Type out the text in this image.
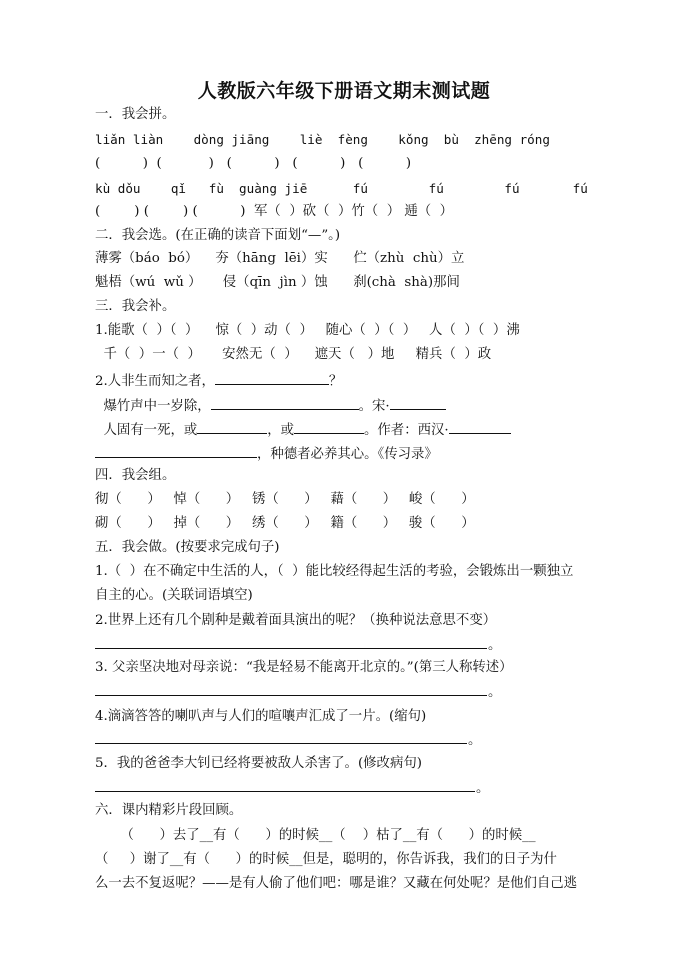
人教版六年级下册语文期末测试题
一．我会拼。
liǎn liàn    dòng jiāng    liè  fèng    kǒng  bù  zhēng róng
(          )  (           )   (          )   (          )   (          )
kù dǒu    qǐ   fù  guàng jiē      fú        fú        fú       fú
(        ) (        ) (          )  军（  ）砍（  ）竹（  ） 逓（  ）
二．我会选。(在正确的读音下面划“—”。)
薄雾（báo  bó）    夯（hāng  lēi）实      伫（zhù  chù）立
魁梧（wú  wǔ ）     侵（qīn  jìn ）蚀      刹(chà  shà)那间
三．我会补。
1.能歌（  ）（  ）    惊（  ）动（  ）   随心（  ）（  ）   人（  ）（  ）沸
千（  ）一（  ）     安然无（  ）    遮天（   ）地     精兵（  ）政
2.人非生而知之者，	？
爆竹声中一岁除，	。宋·
人固有一死，或	，或	。作者：西汉·
，种德者必养其心。《传习录》
四．我会组。
彻（      ）   悼（      ）   锈（      ）   藉（      ）   峻（      ）
砌（      ）   掉（      ）   绣（      ）   籍（      ）   骏（      ）
五．我会做。(按要求完成句子)
1.（  ）在不确定中生活的人，（  ）能比较经得起生活的考验，会锻炼出一颗独立
自主的心。(关联词语填空)
2.世界上还有几个剧种是戴着面具演出的呢？（换种说法意思不变）
。
3. 父亲坚决地对母亲说：“我是轻易不能离开北京的。”(第三人称转述）
。
4.滴滴答答的喇叭声与人们的喧嚷声汇成了一片。(缩句)
。
5．我的爸爸李大钊已经将要被敌人杀害了。(修改病句)
。
六．课内精彩片段回顾。
（      ）去了__有（      ）的时候__（    ）枯了__有（      ）的时候__
（     ）谢了__有（      ）的时候__但是，聪明的，你告诉我，我们的日子为什
么一去不复返呢？——是有人偷了他们吧：哪是谁？又藏在何处呢？是他们自己逃
